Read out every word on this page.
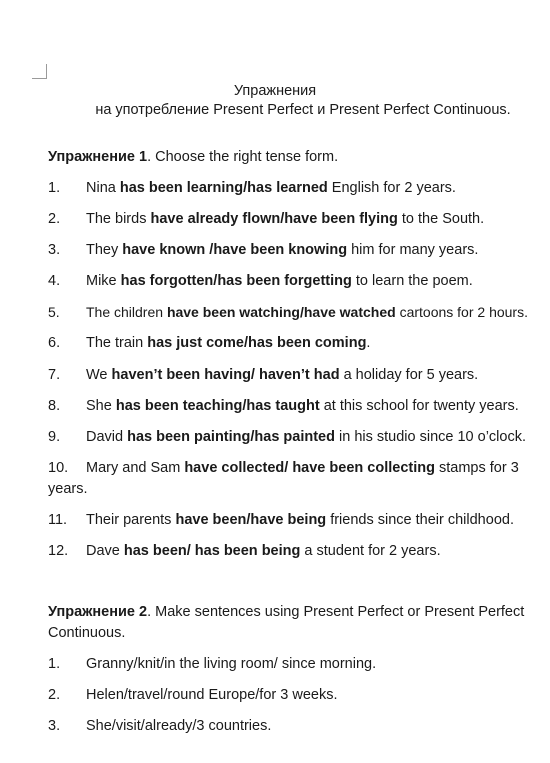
Упражнения
на употребление Present Perfect и Present Perfect Continuous.
Упражнение 1. Choose the right tense form.
1. Nina has been learning/has learned English for 2 years.
2. The birds have already flown/have been flying to the South.
3. They have known /have been knowing him for many years.
4. Mike has forgotten/has been forgetting to learn the poem.
5. The children have been watching/have watched cartoons for 2 hours.
6. The train has just come/has been coming.
7. We haven’t been having/ haven’t had a holiday for 5 years.
8. She has been teaching/has taught at this school for twenty years.
9. David has been painting/has painted in his studio since 10 o’clock.
10. Mary and Sam have collected/ have been collecting stamps for 3 years.
11. Their parents have been/have being friends since their childhood.
12. Dave has been/ has been being a student for 2 years.
Упражнение 2. Make sentences using Present Perfect or Present Perfect Continuous.
1. Granny/knit/in the living room/ since morning.
2. Helen/travel/round Europe/for 3 weeks.
3. She/visit/already/3 countries.
